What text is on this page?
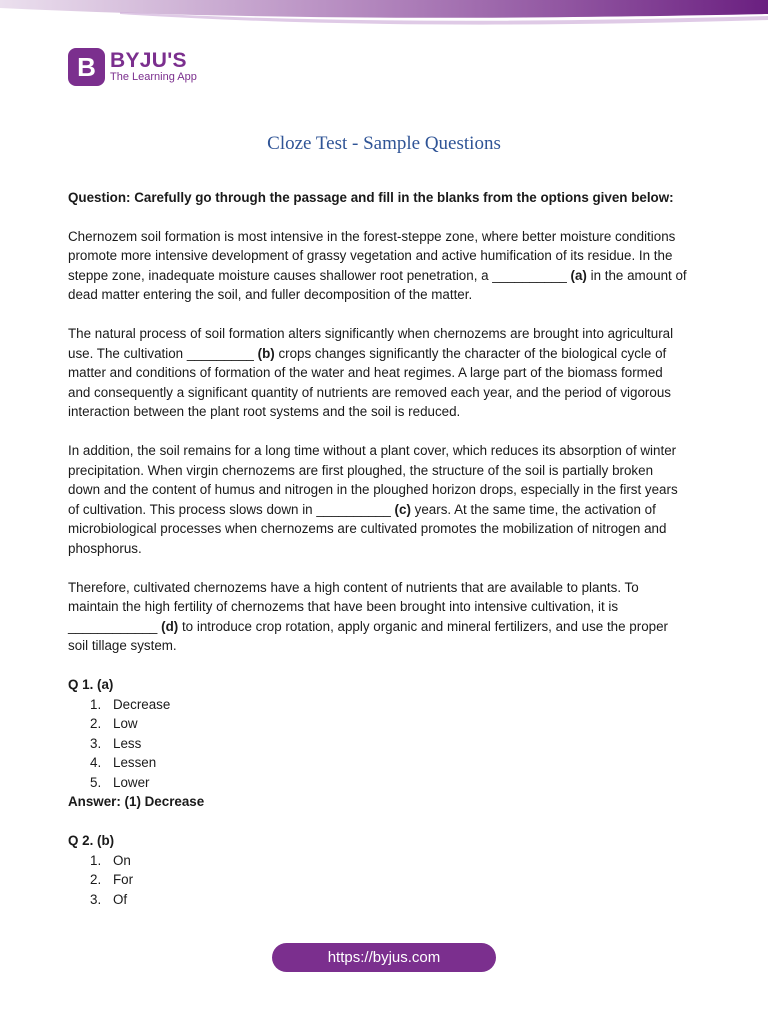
B BYJU'S
The Learning App
Cloze Test - Sample Questions

Question: Carefully go through the passage and fill in the blanks from the options given below:

Chernozem soil formation is most intensive in the forest-steppe zone, where better moisture conditions promote more intensive development of grassy vegetation and active humification of its residue. In the steppe zone, inadequate moisture causes shallower root penetration, a __________ (a) in the amount of dead matter entering the soil, and fuller decomposition of the matter.

The natural process of soil formation alters significantly when chernozems are brought into agricultural use. The cultivation _________ (b) crops changes significantly the character of the biological cycle of matter and conditions of formation of the water and heat regimes. A large part of the biomass formed and consequently a significant quantity of nutrients are removed each year, and the period of vigorous interaction between the plant root systems and the soil is reduced.

In addition, the soil remains for a long time without a plant cover, which reduces its absorption of winter precipitation. When virgin chernozems are first ploughed, the structure of the soil is partially broken down and the content of humus and nitrogen in the ploughed horizon drops, especially in the first years of cultivation. This process slows down in __________ (c) years. At the same time, the activation of microbiological processes when chernozems are cultivated promotes the mobilization of nitrogen and phosphorus.

Therefore, cultivated chernozems have a high content of nutrients that are available to plants. To maintain the high fertility of chernozems that have been brought into intensive cultivation, it is ____________ (d) to introduce crop rotation, apply organic and mineral fertilizers, and use the proper soil tillage system.

Q 1. (a)

1. Decrease
2. Low
3. Less
4. Lessen
5. Lower

Answer: (1) Decrease

Q 2. (b)

1. On
2. For
3. Of
https://byjus.com
